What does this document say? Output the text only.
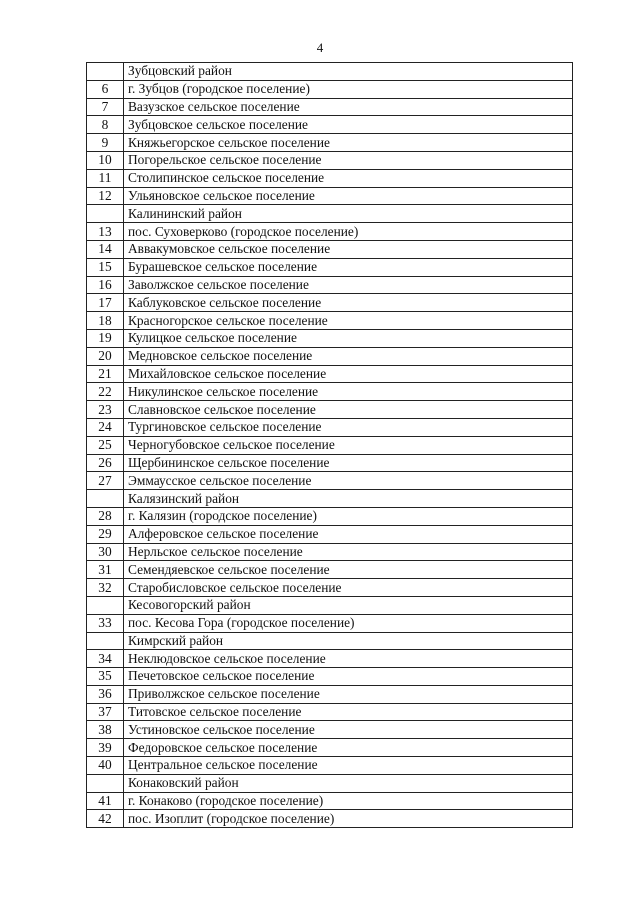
4
	Зубцовский район
6	г. Зубцов (городское поселение)
7	Вазузское сельское поселение
8	Зубцовское сельское поселение
9	Княжьегорское сельское поселение
10	Погорельское сельское поселение
11	Столипинское сельское поселение
12	Ульяновское сельское поселение
	Калининский район
13	пос. Суховерково (городское поселение)
14	Аввакумовское сельское поселение
15	Бурашевское сельское поселение
16	Заволжское сельское поселение
17	Каблуковское сельское поселение
18	Красногорское сельское поселение
19	Кулицкое сельское поселение
20	Медновское сельское поселение
21	Михайловское сельское поселение
22	Никулинское сельское поселение
23	Славновское сельское поселение
24	Тургиновское сельское поселение
25	Черногубовское сельское поселение
26	Щербининское сельское поселение
27	Эммаусское сельское поселение
	Калязинский район
28	г. Калязин (городское поселение)
29	Алферовское сельское поселение
30	Нерльское сельское поселение
31	Семендяевское сельское поселение
32	Старобисловское сельское поселение
	Кесовогорский район
33	пос. Кесова Гора (городское поселение)
	Кимрский район
34	Неклюдовское сельское поселение
35	Печетовское сельское поселение
36	Приволжское сельское поселение
37	Титовское сельское поселение
38	Устиновское сельское поселение
39	Федоровское сельское поселение
40	Центральное сельское поселение
	Конаковский район
41	г. Конаково (городское поселение)
42	пос. Изоплит (городское поселение)
